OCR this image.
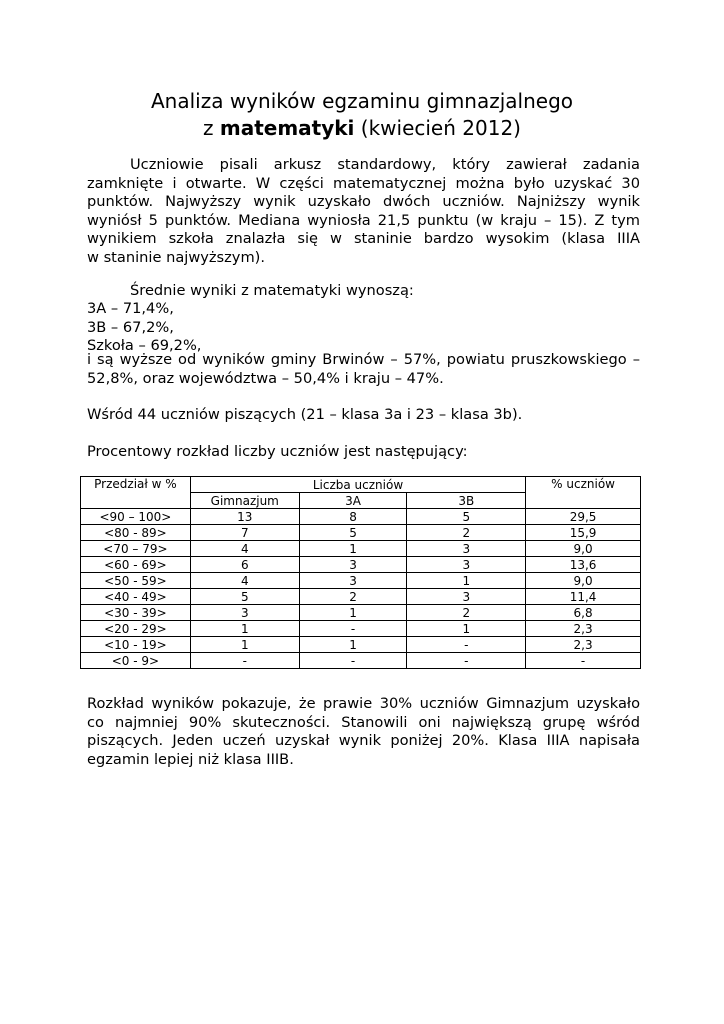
Analiza wyników egzaminu gimnazjalnego
z matematyki (kwiecień 2012)
Uczniowie pisali arkusz standardowy, który zawierał zadania
zamknięte i otwarte. W części matematycznej można było uzyskać 30
punktów. Najwyższy wynik uzyskało dwóch uczniów. Najniższy wynik
wyniósł 5 punktów. Mediana wyniosła 21,5 punktu (w kraju – 15). Z tym
wynikiem szkoła znalazła się w staninie bardzo wysokim (klasa IIIA
w staninie najwyższym).
Średnie wyniki z matematyki wynoszą:
3A – 71,4%,
3B – 67,2%,
Szkoła – 69,2%,
i są wyższe od wyników gminy Brwinów – 57%, powiatu pruszkowskiego –
52,8%, oraz województwa – 50,4% i kraju – 47%.
Wśród 44 uczniów piszących (21 – klasa 3a i 23 – klasa 3b).
Procentowy rozkład liczby uczniów jest następujący:
Przedział w %	Liczba uczniów			% uczniów
	Gimnazjum	3A	3B	
<90 – 100>	13	8	5	29,5
<80 - 89>	7	5	2	15,9
<70 – 79>	4	1	3	9,0
<60 - 69>	6	3	3	13,6
<50 - 59>	4	3	1	9,0
<40 - 49>	5	2	3	11,4
<30 - 39>	3	1	2	6,8
<20 - 29>	1	-	1	2,3
<10 - 19>	1	1	-	2,3
<0 - 9>	-	-	-	-
Rozkład wyników pokazuje, że prawie 30% uczniów Gimnazjum uzyskało
co najmniej 90% skuteczności. Stanowili oni największą grupę wśród
piszących. Jeden uczeń uzyskał wynik poniżej 20%. Klasa IIIA napisała
egzamin lepiej niż klasa IIIB.
